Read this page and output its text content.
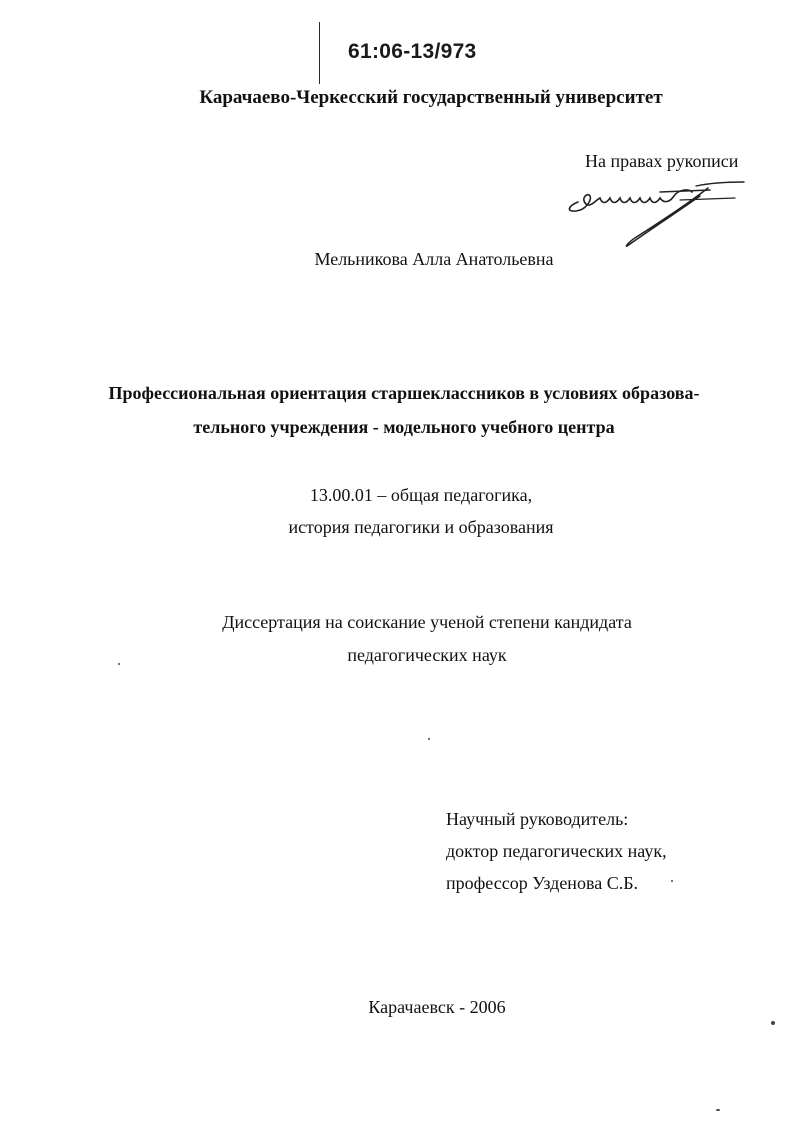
61:06-13/973
Карачаево-Черкесский государственный университет
На правах рукописи
Мельникова Алла Анатольевна
Профессиональная ориентация старшеклассников в условиях образова-
тельного учреждения - модельного учебного центра
13.00.01 – общая педагогика,
история педагогики и образования
Диссертация на соискание ученой степени кандидата
педагогических наук
Научный руководитель:
доктор педагогических наук,
профессор Узденова С.Б.
Карачаевск - 2006
